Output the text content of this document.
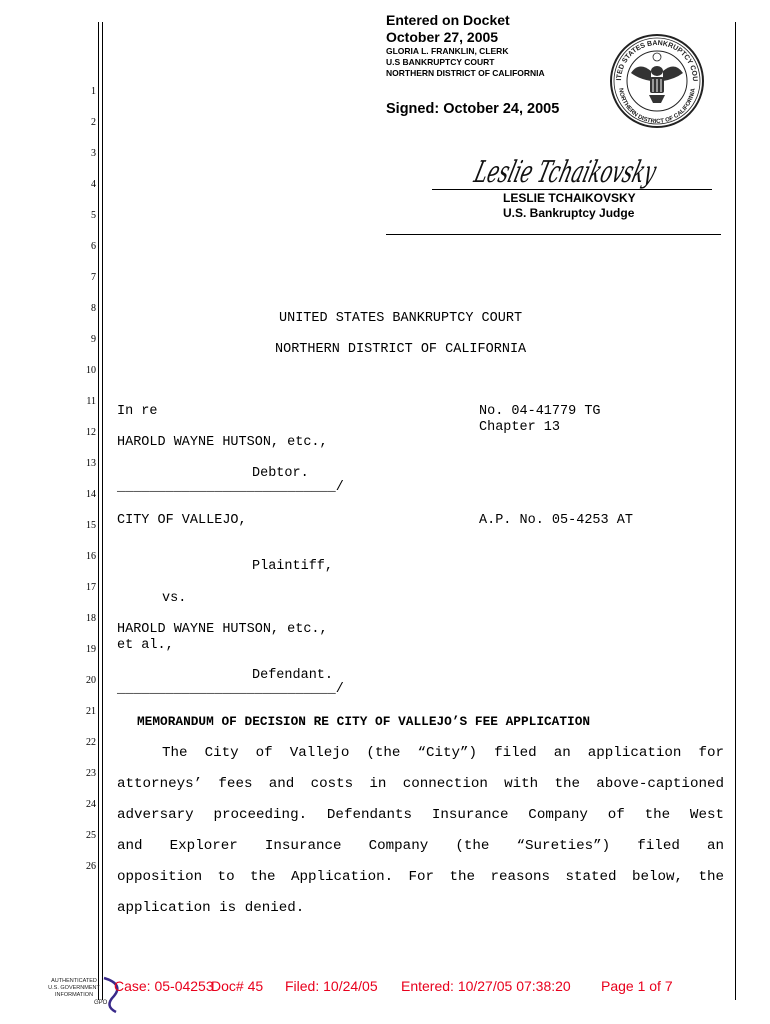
1
2
3
4
5
6
7
8
9
10
11
12
13
14
15
16
17
18
19
20
21
22
23
24
25
26
Entered on Docket
October 27, 2005
GLORIA L. FRANKLIN, CLERK
U.S BANKRUPTCY COURT
NORTHERN DISTRICT OF CALIFORNIA
Signed: October 24, 2005
ITED STATES BANKRUPTCY COU
NORTHERN DISTRICT OF CALIFORNIA
Leslie Tchaikovsky
LESLIE TCHAIKOVSKY
U.S. Bankruptcy Judge
UNITED STATES BANKRUPTCY COURT
NORTHERN DISTRICT OF CALIFORNIA
In re	No. 04-41779 TG
Chapter 13
HAROLD WAYNE HUTSON, etc.,
Debtor.
___________________________/
CITY OF VALLEJO,	A.P. No. 05-4253 AT
Plaintiff,
vs.
HAROLD WAYNE HUTSON, etc.,
et al.,
Defendant.
___________________________/
MEMORANDUM OF DECISION RE CITY OF VALLEJO’S FEE APPLICATION
The City of Vallejo (the “City”) filed an application for
attorneys’ fees and costs in connection with the above-captioned
adversary proceeding. Defendants Insurance Company of the West
and Explorer Insurance Company (the “Sureties”) filed an
opposition to the Application. For the reasons stated below, the
application is denied.
AUTHENTICATED
U.S. GOVERNMENT
INFORMATION
GPO
Case: 05-04253
Doc# 45 Filed: 10/24/05 Entered: 10/27/05 07:38:20 Page 1 of 7
